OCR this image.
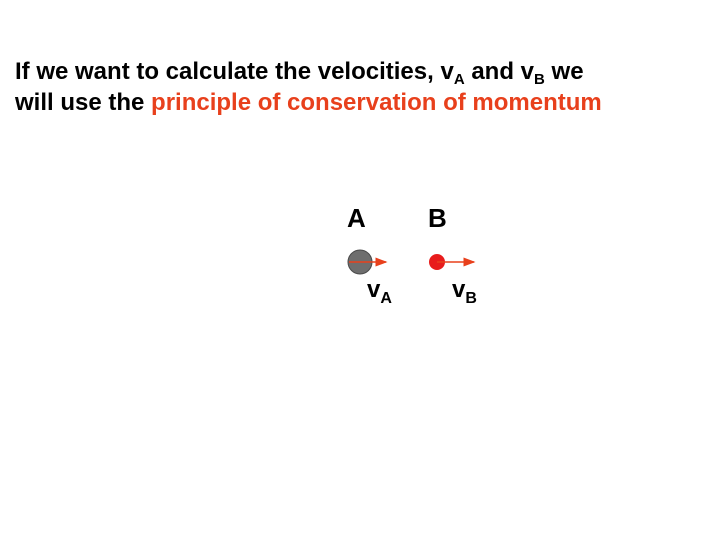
If we want to calculate the velocities, $v_A$ and $v_B$ we
will use the principle of conservation of momentum
A B
$v_A$	$v_B$
